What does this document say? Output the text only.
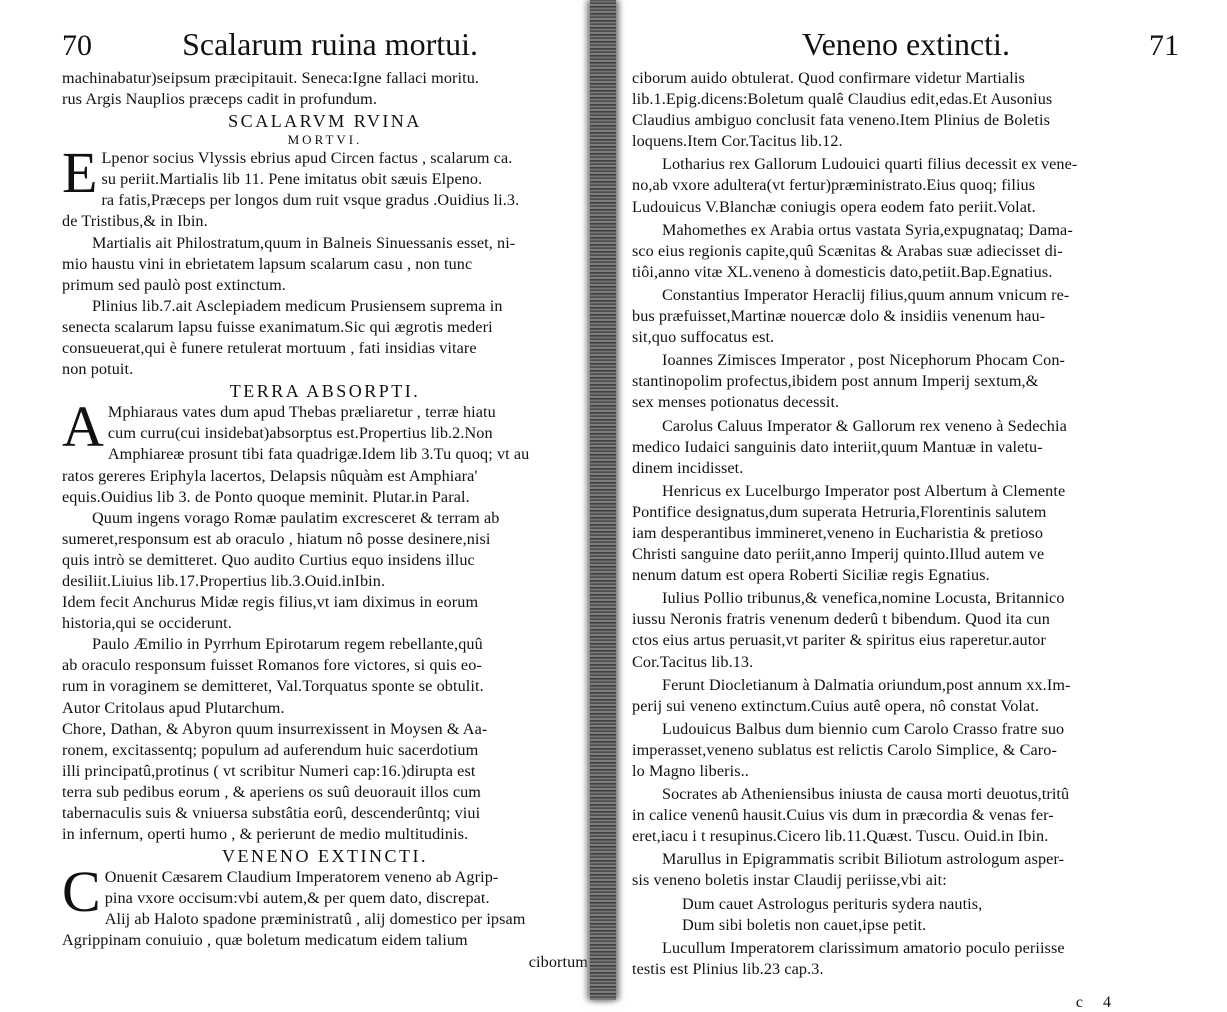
70	Scalarum ruina mortui.
machinabatur)seipsum præcipitauit. Seneca:Igne fallaci moritu.
rus Argis Nauplios præceps cadit in profundum.
SCALARVM RVINA
MORTVI.
E Lpenor socius Vlyssis ebrius apud Circen factus , scalarum ca.
su periit.Martialis lib 11. Pene imitatus obit sæuis Elpeno.
ra fatis,Præceps per longos dum ruit vsque gradus .Ouidius li.3.
de Tristibus,& in Ibin.
Martialis ait Philostratum,quum in Balneis Sinuessanis esset, ni-
mio haustu vini in ebrietatem lapsum scalarum casu , non tunc
primum sed paulò post extinctum.
Plinius lib.7.ait Asclepiadem medicum Prusiensem suprema in
senecta scalarum lapsu fuisse exanimatum.Sic qui ægrotis mederi
consueuerat,qui è funere retulerat mortuum , fati insidias vitare
non potuit.
TERRA ABSORPTI.
A Mphiaraus vates dum apud Thebas præliaretur , terræ hiatu
cum curru(cui insidebat)absorptus est.Propertius lib.2.Non
Amphiareæ prosunt tibi fata quadrigæ.Idem lib 3.Tu quoq; vt au
ratos gereres Eriphyla lacertos, Delapsis nûquàm est Amphiara'
equis.Ouidius lib 3. de Ponto quoque meminit. Plutar.in Paral.
Quum ingens vorago Romæ paulatim excresceret & terram ab
sumeret,responsum est ab oraculo , hiatum nô posse desinere,nisi
quis intrò se demitteret. Quo audito Curtius equo insidens illuc
desiliit.Liuius lib.17.Propertius lib.3.Ouid.inIbin.
Idem fecit Anchurus Midæ regis filius,vt iam diximus in eorum
historia,qui se occiderunt.
Paulo Æmilio in Pyrrhum Epirotarum regem rebellante,quû
ab oraculo responsum fuisset Romanos fore victores, si quis eo-
rum in voraginem se demitteret, Val.Torquatus sponte se obtulit.
Autor Critolaus apud Plutarchum.
Chore, Dathan, & Abyron quum insurrexissent in Moysen & Aa-
ronem, excitassentq; populum ad auferendum huic sacerdotium
illi principatû,protinus ( vt scribitur Numeri cap:16.)dirupta est
terra sub pedibus eorum , & aperiens os suû deuorauit illos cum
tabernaculis suis & vniuersa substâtia eorû, descenderûntq; viui
in infernum, operti humo , & perierunt de medio multitudinis.
VENENO EXTINCTI.
C Onuenit Cæsarem Claudium Imperatorem veneno ab Agrip-
pina vxore occisum:vbi autem,& per quem dato, discrepat.
Alij ab Haloto spadone præministratû , alij domestico per ipsam
Agrippinam conuiuio , quæ boletum medicatum eidem talium
cibortum
Veneno extincti.	71
ciborum auido obtulerat. Quod confirmare videtur Martialis
lib.1.Epig.dicens:Boletum qualê Claudius edit,edas.Et Ausonius
Claudius ambiguo conclusit fata veneno.Item Plinius de Boletis
loquens.Item Cor.Tacitus lib.12.
Lotharius rex Gallorum Ludouici quarti filius decessit ex vene-
no,ab vxore adultera(vt fertur)præministrato.Eius quoq; filius
Ludouicus V.Blanchæ coniugis opera eodem fato periit.Volat.
Mahomethes ex Arabia ortus vastata Syria,expugnataq; Dama-
sco eius regionis capite,quû Scænitas & Arabas suæ adiecisset di-
tiôi,anno vitæ XL.veneno à domesticis dato,petiit.Bap.Egnatius.
Constantius Imperator Heraclij filius,quum annum vnicum re-
bus præfuisset,Martinæ nouercæ dolo & insidiis venenum hau-
sit,quo suffocatus est.
Ioannes Zimisces Imperator , post Nicephorum Phocam Con-
stantinopolim profectus,ibidem post annum Imperij sextum,&
sex menses potionatus decessit.
Carolus Caluus Imperator & Gallorum rex veneno à Sedechia
medico Iudaici sanguinis dato interiit,quum Mantuæ in valetu-
dinem incidisset.
Henricus ex Lucelburgo Imperator post Albertum à Clemente
Pontifice designatus,dum superata Hetruria,Florentinis salutem
iam desperantibus immineret,veneno in Eucharistia & pretioso
Christi sanguine dato periit,anno Imperij quinto.Illud autem ve
nenum datum est opera Roberti Siciliæ regis Egnatius.
Iulius Pollio tribunus,& venefica,nomine Locusta, Britannico
iussu Neronis fratris venenum dederû t bibendum. Quod ita cun
ctos eius artus peruasit,vt pariter & spiritus eius raperetur.autor
Cor.Tacitus lib.13.
Ferunt Diocletianum à Dalmatia oriundum,post annum xx.Im-
perij sui veneno extinctum.Cuius autê opera, nô constat Volat.
Ludouicus Balbus dum biennio cum Carolo Crasso fratre suo
imperasset,veneno sublatus est relictis Carolo Simplice, & Caro-
lo Magno liberis..
Socrates ab Atheniensibus iniusta de causa morti deuotus,tritû
in calice venenû hausit.Cuius vis dum in præcordia & venas fer-
eret,iacu i t resupinus.Cicero lib.11.Quæst. Tuscu. Ouid.in Ibin.
Marullus in Epigrammatis scribit Biliotum astrologum asper-
sis veneno boletis instar Claudij periisse,vbi ait:
Dum cauet Astrologus perituris sydera nautis,
Dum sibi boletis non cauet,ipse petit.
Lucullum Imperatorem clarissimum amatorio poculo periisse
testis est Plinius lib.23 cap.3.
c 4
